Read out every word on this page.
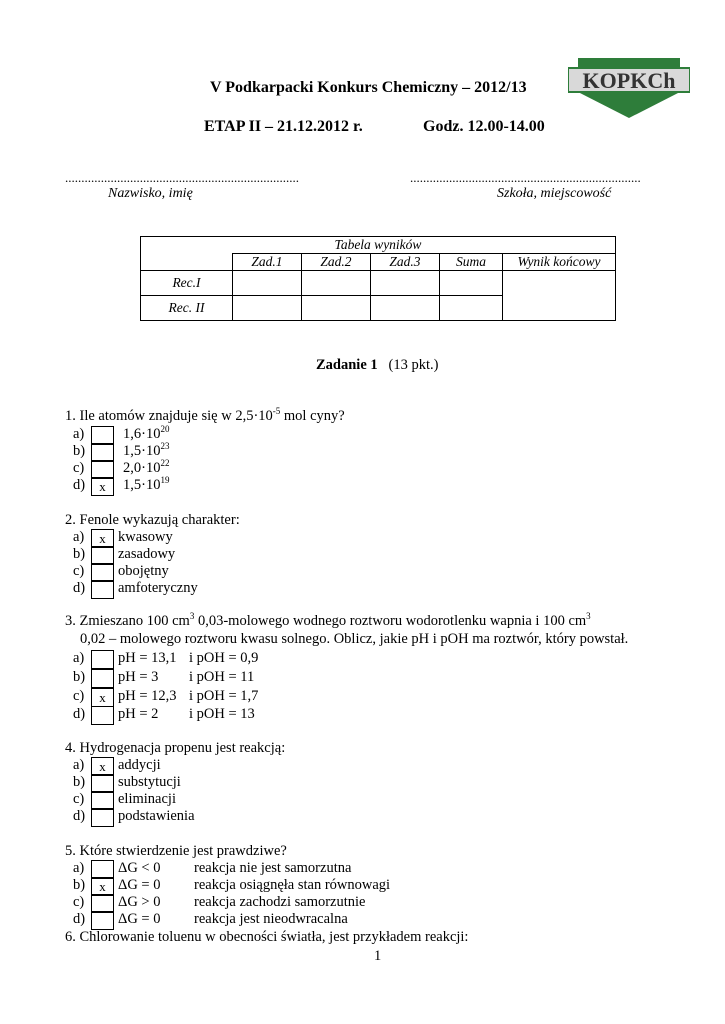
V Podkarpacki Konkurs Chemiczny – 2012/13
ETAP II – 21.12.2012 r.	Godz. 12.00-14.00
KOPKCh
........................................................................
Nazwisko, imię
.......................................................................
Szkoła, miejscowość
Tabela wyników					
	Zad.1	Zad.2	Zad.3	Suma	Wynik końcowy
Rec.I					
Rec. II					
Zadanie 1 (13 pkt.)
1. Ile atomów znajduje się w $2,5\cdot 10^{-5}$ mol cyny?
a)	$1,6\cdot 10^{20}$
b)	$1,5\cdot 10^{23}$
c)	$2,0\cdot 10^{22}$
d)	x	$1,5\cdot 10^{19}$
2. Fenole wykazują charakter:
a)	x kwasowy
b) zasadowy
c) obojętny
d) amfoteryczny
3. Zmieszano 100 $cm^3$ 0,03-molowego wodnego roztworu wodorotlenku wapnia i 100 $cm^3$
0,02 – molowego roztworu kwasu solnego. Oblicz, jakie pH i pOH ma roztwór, który powstał.
a) pH = 13,1 i pOH = 0,9
b) pH = 3 i pOH = 11
c)	x pH = 12,3 i pOH = 1,7
d) pH = 2 i pOH = 13
4. Hydrogenacja propenu jest reakcją:
a)	x addycji
b) substytucji
c) eliminacji
d) podstawienia
5. Które stwierdzenie jest prawdziwe?
a) ΔG < 0 reakcja nie jest samorzutna
b)	x ΔG = 0 reakcja osiągnęła stan równowagi
c) ΔG > 0 reakcja zachodzi samorzutnie
d) ΔG = 0 reakcja jest nieodwracalna
6. Chlorowanie toluenu w obecności światła, jest przykładem reakcji:
1
